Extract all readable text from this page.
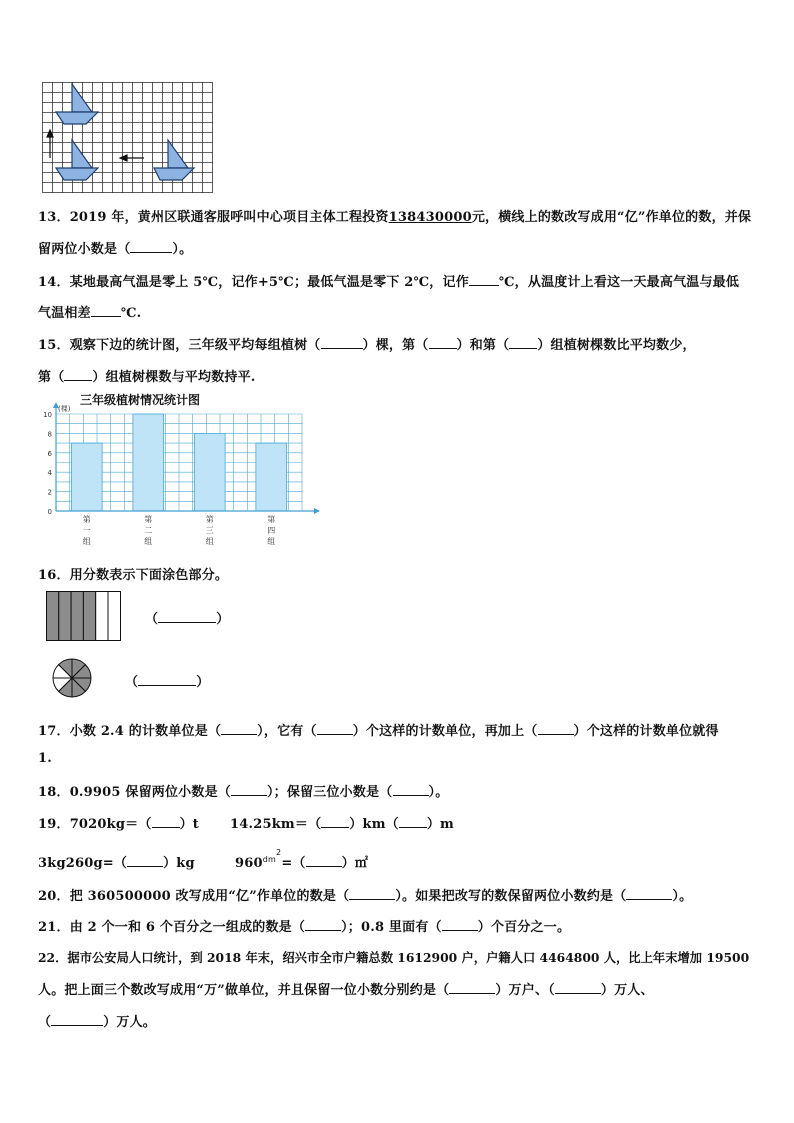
13．2019 年，黄州区联通客服呼叫中心项目主体工程投资138430000元，横线上的数改写成用“亿”作单位的数，并保
留两位小数是（	）。
14．某地最高气温是零上 5℃，记作+5℃；最低气温是零下 2℃，记作 ℃，从温度计上看这一天最高气温与最低
气温相差 ℃.
15．观察下边的统计图，三年级平均每组植树（	）棵，第（ ）和第（ ）组植树棵数比平均数少，
第（ ）组植树棵数与平均数持平.
三年级植树情况统计图
第
一
组
第
二
组
第
三
组
第
四
组
0
2
4
6
8
10
(棵)
16．用分数表示下面涂色部分。
（	）
（	）
17．小数 2.4 的计数单位是（	），它有（	）个这样的计数单位，再加上（	）个这样的计数单位就得
1.
18．0.9905 保留两位小数是（	）；保留三位小数是（	）。
19．7020kg＝（ ）t 14.25km＝（ ）km（ ）m
3kg260g=（	）kg	$960^{dm2}=$（	）㎡
20．把 360500000 改写成用“亿”作单位的数是（	）。如果把改写的数保留两位小数约是（	）。
21．由 2 个一和 6 个百分之一组成的数是（	）；0.8 里面有（	）个百分之一。
22．据市公安局人口统计，到 2018 年末，绍兴市全市户籍总数 1612900 户，户籍人口 4464800 人，比上年末增加 19500
人。把上面三个数改写成用“万”做单位，并且保留一位小数分别约是（	）万户、（	）万人、
（	）万人。
